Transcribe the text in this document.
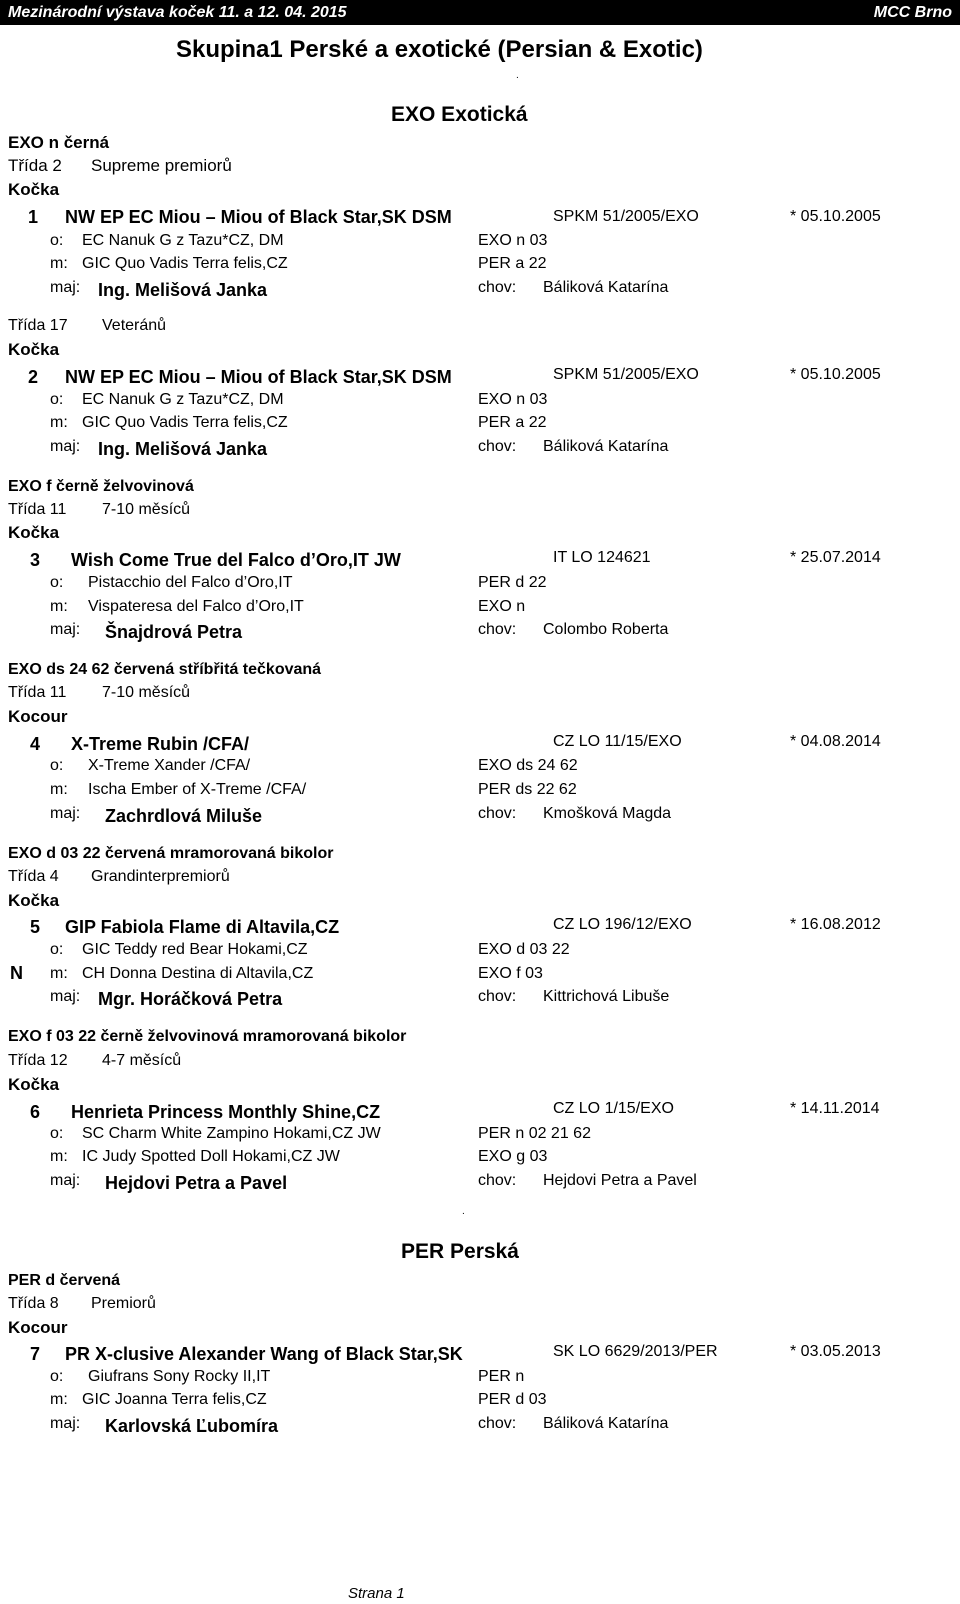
Mezinárodní výstava koček 11. a 12. 04. 2015	MCC Brno
Skupina1 Perské a exotické (Persian & Exotic)
.
EXO Exotická
EXO n černá
Třída 2 Supreme premiorů
Kočka
1 NW EP EC Miou – Miou of Black Star,SK DSM	SPKM 51/2005/EXO	* 05.10.2005
o: EC Nanuk G z Tazu*CZ, DM	EXO n 03
m: GIC Quo Vadis Terra felis,CZ	PER a 22
maj: Ing. Melišová Janka	chov: Báliková Katarína
Třída 17 Veteránů
Kočka
2 NW EP EC Miou – Miou of Black Star,SK DSM	SPKM 51/2005/EXO	* 05.10.2005
o: EC Nanuk G z Tazu*CZ, DM	EXO n 03
m: GIC Quo Vadis Terra felis,CZ	PER a 22
maj: Ing. Melišová Janka	chov: Báliková Katarína
EXO f černě želvovinová
Třída 11 7-10 měsíců
Kočka
3 Wish Come True del Falco d’Oro,IT JW	IT LO 124621	* 25.07.2014
o: Pistacchio del Falco d’Oro,IT	PER d 22
m: Vispateresa del Falco d’Oro,IT	EXO n
maj: Šnajdrová Petra	chov: Colombo Roberta
EXO ds 24 62 červená stříbřitá tečkovaná
Třída 11 7-10 měsíců
Kocour
4 X-Treme Rubin /CFA/	CZ LO 11/15/EXO	* 04.08.2014
o: X-Treme Xander /CFA/	EXO ds 24 62
m: Ischa Ember of X-Treme /CFA/	PER ds 22 62
maj: Zachrdlová Miluše	chov: Kmošková Magda
EXO d 03 22 červená mramorovaná bikolor
Třída 4 Grandinterpremiorů
Kočka
5 GIP Fabiola Flame di Altavila,CZ	CZ LO 196/12/EXO	* 16.08.2012
o: GIC Teddy red Bear Hokami,CZ	EXO d 03 22
N m: CH Donna Destina di Altavila,CZ	EXO f 03
maj: Mgr. Horáčková Petra	chov: Kittrichová Libuše
EXO f 03 22 černě želvovinová mramorovaná bikolor
Třída 12 4-7 měsíců
Kočka
6 Henrieta Princess Monthly Shine,CZ	CZ LO 1/15/EXO	* 14.11.2014
o: SC Charm White Zampino Hokami,CZ JW	PER n 02 21 62
m: IC Judy Spotted Doll Hokami,CZ JW	EXO g 03
maj: Hejdovi Petra a Pavel	chov: Hejdovi Petra a Pavel
.
PER Perská
PER d červená
Třída 8 Premiorů
Kocour
7 PR X-clusive Alexander Wang of Black Star,SK	SK LO 6629/2013/PER	* 03.05.2013
o: Giufrans Sony Rocky II,IT	PER n
m: GIC Joanna Terra felis,CZ	PER d 03
maj: Karlovská Ľubomíra	chov: Báliková Katarína
Strana 1
